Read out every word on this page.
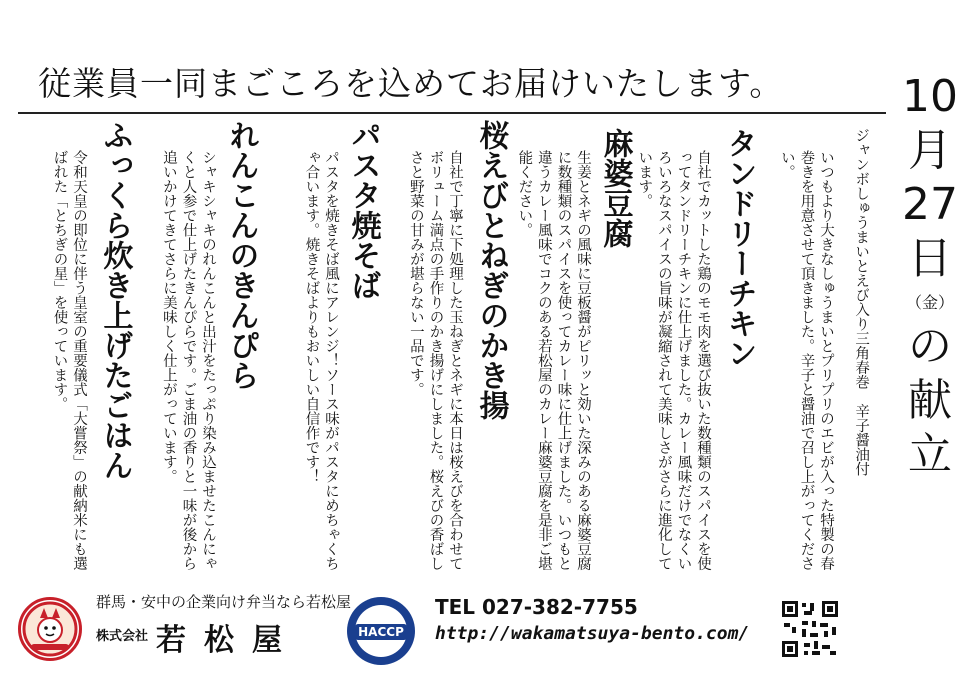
従業員一同まごころを込めてお届けいたします。	10
月
27
日
（金）
の
献
立
ジャンボしゅうまいとえび入り三角春巻　辛子醤油付
いつもより大きなしゅうまいとプリプリのエビが入った特製の春巻きを用意させて頂きました。辛子と醤油で召し上がってください。
タンドリーチキン
自社でカットした鶏のモモ肉を選び抜いた数種類のスパイスを使ってタンドリーチキンに仕上げました。カレー風味だけでなくいろいろなスパイスの旨味が凝縮されて美味しさがさらに進化しています。
麻婆豆腐
生姜とネギの風味に豆板醤がピリッと効いた深みのある麻婆豆腐に数種類のスパイスを使ってカレー味に仕上げました。いつもと違うカレー風味でコクのある若松屋のカレー麻婆豆腐を是非ご堪能ください。
桜えびとねぎのかき揚
自社で丁寧に下処理した玉ねぎとネギに本日は桜えびを合わせてボリューム満点の手作りのかき揚げにしました。桜えびの香ばしさと野菜の甘みが堪らない一品です。
パスタ焼そば
パスタを焼きそば風にアレンジ！ソース味がパスタにめちゃくちゃ合います。焼きそばよりもおいしい自信作です！
れんこんのきんぴら
シャキシャキのれんこんと出汁をたっぷり染み込ませたこんにゃくと人参で仕上げたきんぴらです。ごま油の香りと一味が後から追いかけてきてさらに美味しく仕上がっています。
ふっくら炊き上げたごはん
令和天皇の即位に伴う皇室の重要儀式「大嘗祭」の献納米にも選ばれた「とちぎの星」を使っています。
群馬・安中の企業向け弁当なら若松屋
株式会社 若松屋	HACCP
TEL 027-382-7755
http://wakamatsuya-bento.com/
